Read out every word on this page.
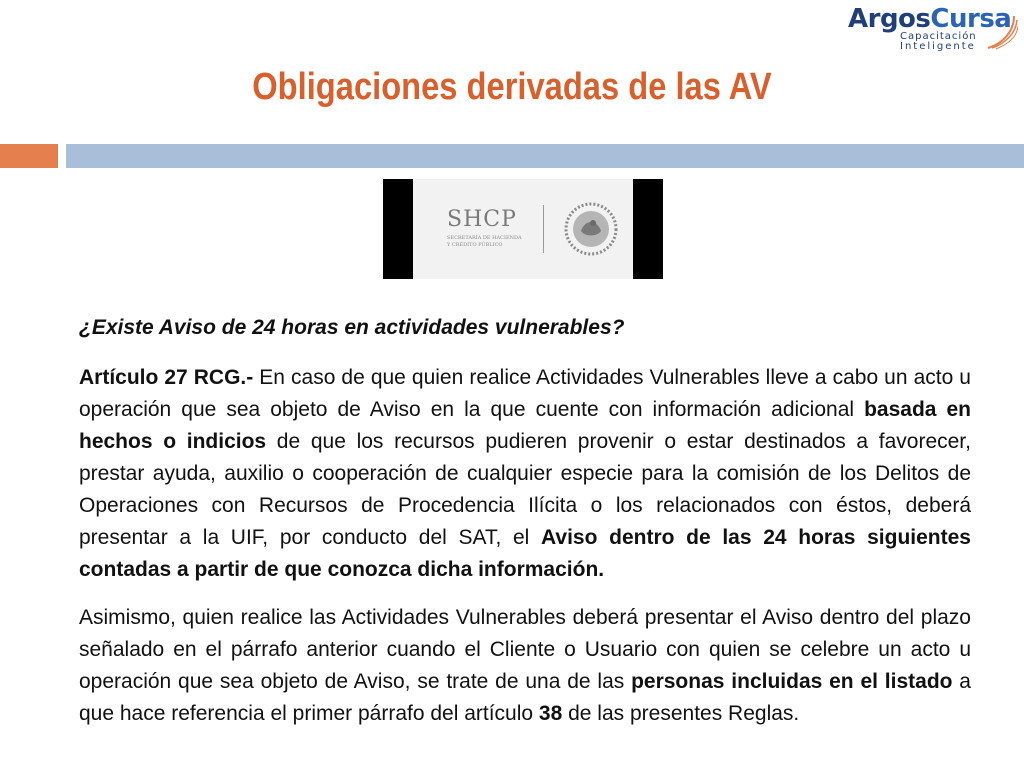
ArgosCursa
Capacitación
Inteligente
Obligaciones derivadas de las AV
SHCP
SECRETARÍA DE HACIENDA
Y CRÉDITO PÚBLICO

¿Existe Aviso de 24 horas en actividades vulnerables?

Artículo 27 RCG.- En caso de que quien realice Actividades Vulnerables lleve a cabo un acto u operación que sea objeto de Aviso en la que cuente con información adicional basada en hechos o indicios de que los recursos pudieren provenir o estar destinados a favorecer, prestar ayuda, auxilio o cooperación de cualquier especie para la comisión de los Delitos de Operaciones con Recursos de Procedencia Ilícita o los relacionados con éstos, deberá presentar a la UIF, por conducto del SAT, el Aviso dentro de las 24 horas siguientes contadas a partir de que conozca dicha información.

Asimismo, quien realice las Actividades Vulnerables deberá presentar el Aviso dentro del plazo señalado en el párrafo anterior cuando el Cliente o Usuario con quien se celebre un acto u operación que sea objeto de Aviso, se trate de una de las personas incluidas en el listado a que hace referencia el primer párrafo del artículo 38 de las presentes Reglas.
